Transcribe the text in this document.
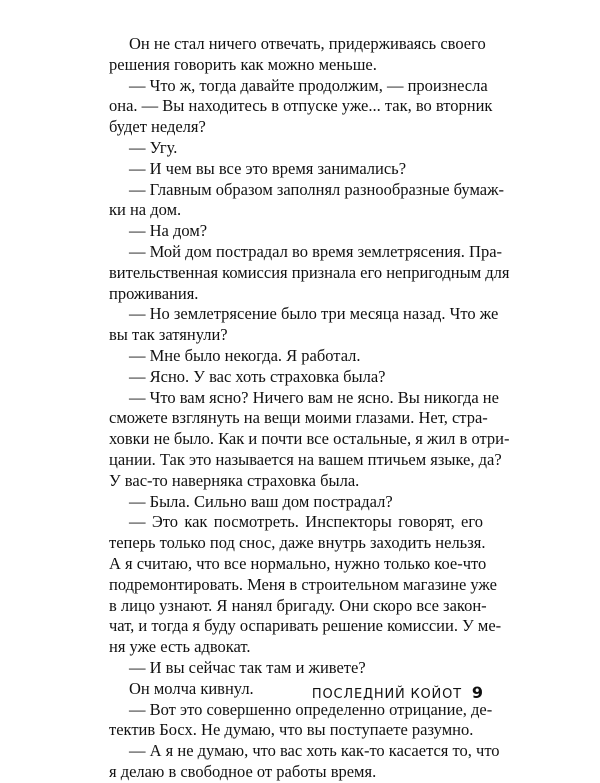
Он не стал ничего отвечать, придерживаясь своего
решения говорить как можно меньше.
— Что ж, тогда давайте продолжим, — произнесла
она. — Вы находитесь в отпуске уже... так, во вторник
будет неделя?
— Угу.
— И чем вы все это время занимались?
— Главным образом заполнял разнообразные бумаж-
ки на дом.
— На дом?
— Мой дом пострадал во время землетрясения. Пра-
вительственная комиссия признала его непригодным для
проживания.
— Но землетрясение было три месяца назад. Что же
вы так затянули?
— Мне было некогда. Я работал.
— Ясно. У вас хоть страховка была?
— Что вам ясно? Ничего вам не ясно. Вы никогда не
сможете взглянуть на вещи моими глазами. Нет, стра-
ховки не было. Как и почти все остальные, я жил в отри-
цании. Так это называется на вашем птичьем языке, да?
У вас-то наверняка страховка была.
— Была. Сильно ваш дом пострадал?
— Это как посмотреть. Инспекторы говорят, его
теперь только под снос, даже внутрь заходить нельзя.
А я считаю, что все нормально, нужно только кое-что
подремонтировать. Меня в строительном магазине уже
в лицо узнают. Я нанял бригаду. Они скоро все закон-
чат, и тогда я буду оспаривать решение комиссии. У ме-
ня уже есть адвокат.
— И вы сейчас так там и живете?
Он молча кивнул.
— Вот это совершенно определенно отрицание, де-
тектив Босх. Не думаю, что вы поступаете разумно.
— А я не думаю, что вас хоть как-то касается то, что
я делаю в свободное от работы время.
ПОСЛЕДНИЙ КОЙОТ 9
